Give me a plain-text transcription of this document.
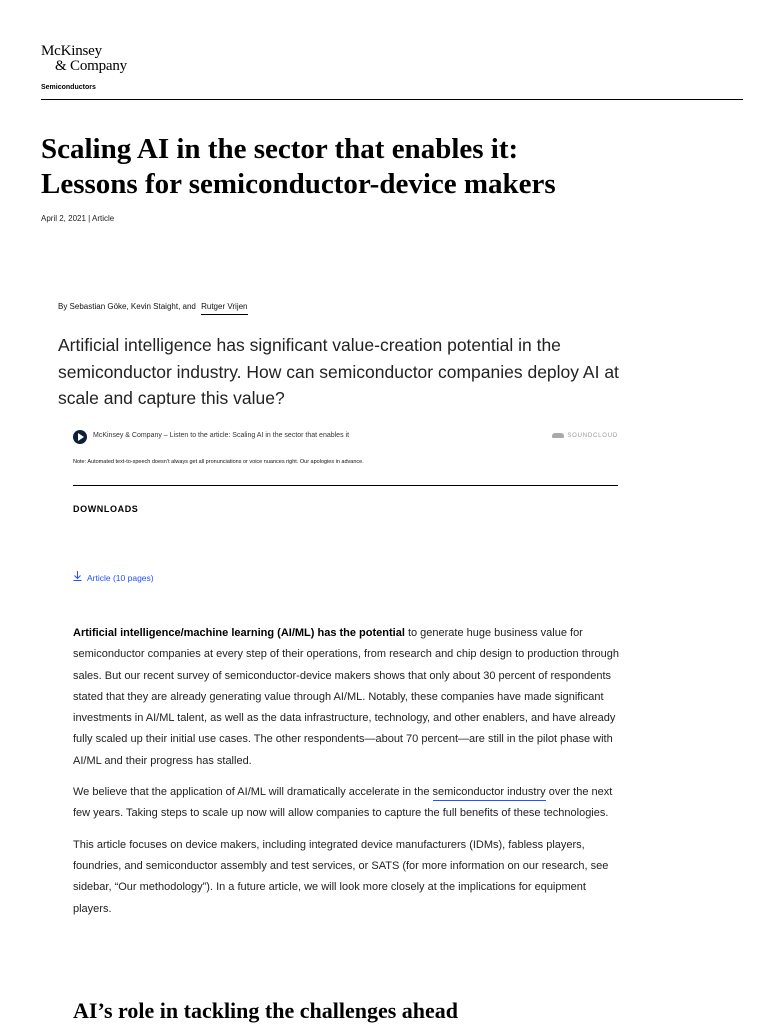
McKinsey
& Company
Semiconductors
Scaling AI in the sector that enables it:
Lessons for semiconductor-device makers
April 2, 2021 | Article
By Sebastian Göke, Kevin Staight, and Rutger Vrijen
Artificial intelligence has significant value-creation potential in the semiconductor industry. How can semiconductor companies deploy AI at scale and capture this value?
McKinsey & Company – Listen to the article: Scaling AI in the sector that enables it	SOUNDCLOUD
Note: Automated text-to-speech doesn’t always get all pronunciations or voice nuances right. Our apologies in advance.
DOWNLOADS
Article (10 pages)

Artificial intelligence/machine learning (AI/ML) has the potential to generate huge business value for semiconductor companies at every step of their operations, from research and chip design to production through sales. But our recent survey of semiconductor-device makers shows that only about 30 percent of respondents stated that they are already generating value through AI/ML. Notably, these companies have made significant investments in AI/ML talent, as well as the data infrastructure, technology, and other enablers, and have already fully scaled up their initial use cases. The other respondents—about 70 percent—are still in the pilot phase with AI/ML and their progress has stalled.

We believe that the application of AI/ML will dramatically accelerate in the semiconductor industry over the next few years. Taking steps to scale up now will allow companies to capture the full benefits of these technologies.

This article focuses on device makers, including integrated device manufacturers (IDMs), fabless players, foundries, and semiconductor assembly and test services, or SATS (for more information on our research, see sidebar, “Our methodology”). In a future article, we will look more closely at the implications for equipment players.

AI’s role in tackling the challenges ahead
